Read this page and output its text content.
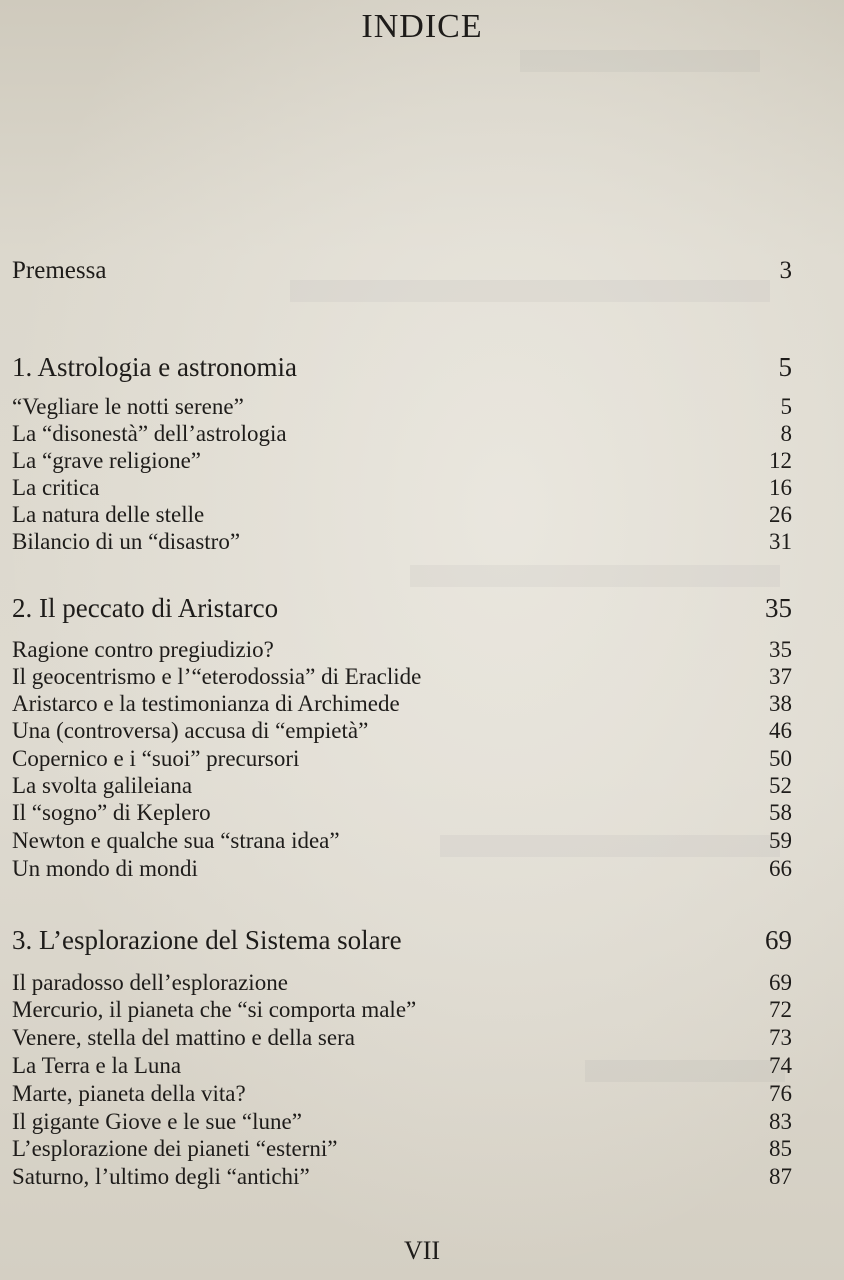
INDICE
Premessa	3
1. Astrologia e astronomia	5
“Vegliare le notti serene”	5
La “disonestà” dell’astrologia	8
La “grave religione”	12
La critica	16
La natura delle stelle	26
Bilancio di un “disastro”	31
2. Il peccato di Aristarco	35
Ragione contro pregiudizio?	35
Il geocentrismo e l’“eterodossia” di Eraclide	37
Aristarco e la testimonianza di Archimede	38
Una (controversa) accusa di “empietà”	46
Copernico e i “suoi” precursori	50
La svolta galileiana	52
Il “sogno” di Keplero	58
Newton e qualche sua “strana idea”	59
Un mondo di mondi	66
3. L’esplorazione del Sistema solare	69
Il paradosso dell’esplorazione	69
Mercurio, il pianeta che “si comporta male”	72
Venere, stella del mattino e della sera	73
La Terra e la Luna	74
Marte, pianeta della vita?	76
Il gigante Giove e le sue “lune”	83
L’esplorazione dei pianeti “esterni”	85
Saturno, l’ultimo degli “antichi”	87
VII
